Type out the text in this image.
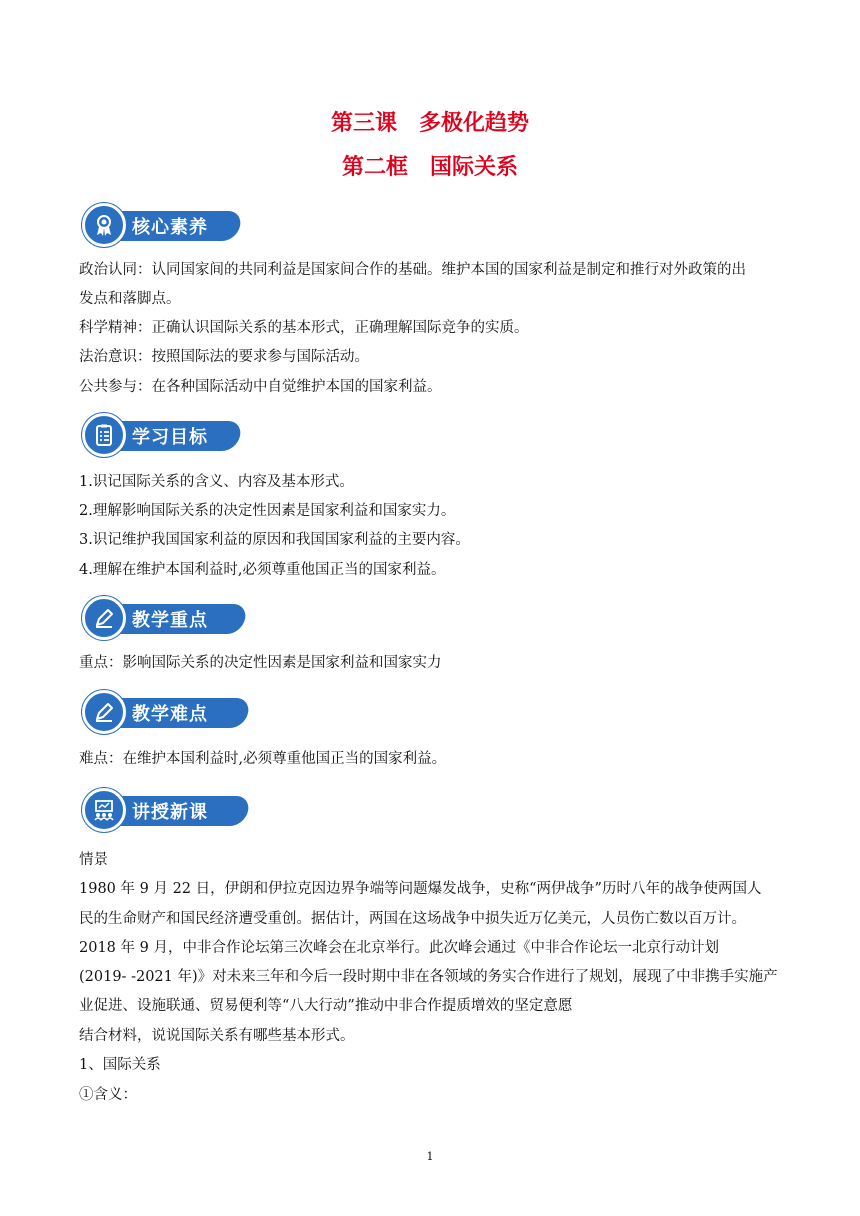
第三课　多极化趋势
第二框　国际关系
核心素养
政治认同：认同国家间的共同利益是国家间合作的基础。维护本国的国家利益是制定和推行对外政策的出
发点和落脚点。
科学精神：正确认识国际关系的基本形式，正确理解国际竞争的实质。
法治意识：按照国际法的要求参与国际活动。
公共参与：在各种国际活动中自觉维护本国的国家利益。
学习目标
1.识记国际关系的含义、内容及基本形式。
2.理解影响国际关系的决定性因素是国家利益和国家实力。
3.识记维护我国国家利益的原因和我国国家利益的主要内容。
4.理解在维护本国利益时,必须尊重他国正当的国家利益。
教学重点
重点：影响国际关系的决定性因素是国家利益和国家实力
教学难点
难点：在维护本国利益时,必须尊重他国正当的国家利益。
讲授新课
情景
1980 年 9 月 22 日，伊朗和伊拉克因边界争端等问题爆发战争，史称“两伊战争”历时八年的战争使两国人
民的生命财产和国民经济遭受重创。据估计，两国在这场战争中损失近万亿美元，人员伤亡数以百万计。
2018 年 9 月，中非合作论坛第三次峰会在北京举行。此次峰会通过《中非合作论坛一北京行动计划
(2019- -2021 年)》对未来三年和今后一段时期中非在各领域的务实合作进行了规划，展现了中非携手实施产
业促进、设施联通、贸易便利等“八大行动”推动中非合作提质增效的坚定意愿
结合材料，说说国际关系有哪些基本形式。
1、国际关系
①含义：
1
